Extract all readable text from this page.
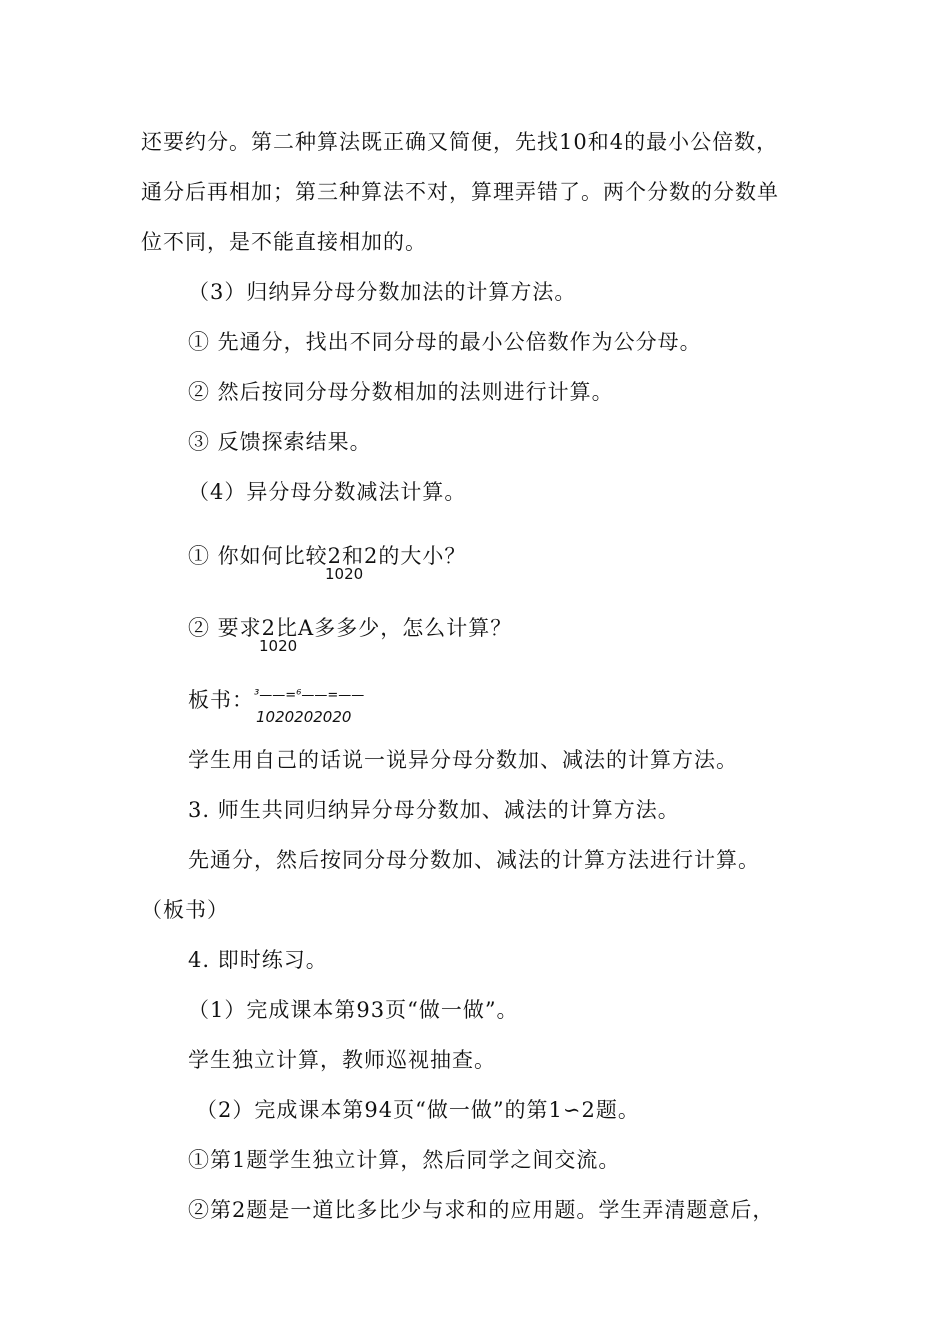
还要约分。第二种算法既正确又简便，先找10和4的最小公倍数，
通分后再相加；第三种算法不对，算理弄错了。两个分数的分数单
位不同，是不能直接相加的。
（3）归纳异分母分数加法的计算方法。
① 先通分，找出不同分母的最小公倍数作为公分母。
② 然后按同分母分数相加的法则进行计算。
③ 反馈探索结果。
（4）异分母分数减法计算。
① 你如何比较2和2的大小？
1020
② 要求2比A多多少，怎么计算？
1020
板书： ³——=⁶——=——
1020202020
学生用自己的话说一说异分母分数加、减法的计算方法。
3. 师生共同归纳异分母分数加、减法的计算方法。
先通分，然后按同分母分数加、减法的计算方法进行计算。
（板书）
4. 即时练习。
（1）完成课本第93页“做一做”。
学生独立计算，教师巡视抽查。
（2）完成课本第94页“做一做”的第1∽2题。
①第1题学生独立计算，然后同学之间交流。
②第2题是一道比多比少与求和的应用题。学生弄清题意后，
